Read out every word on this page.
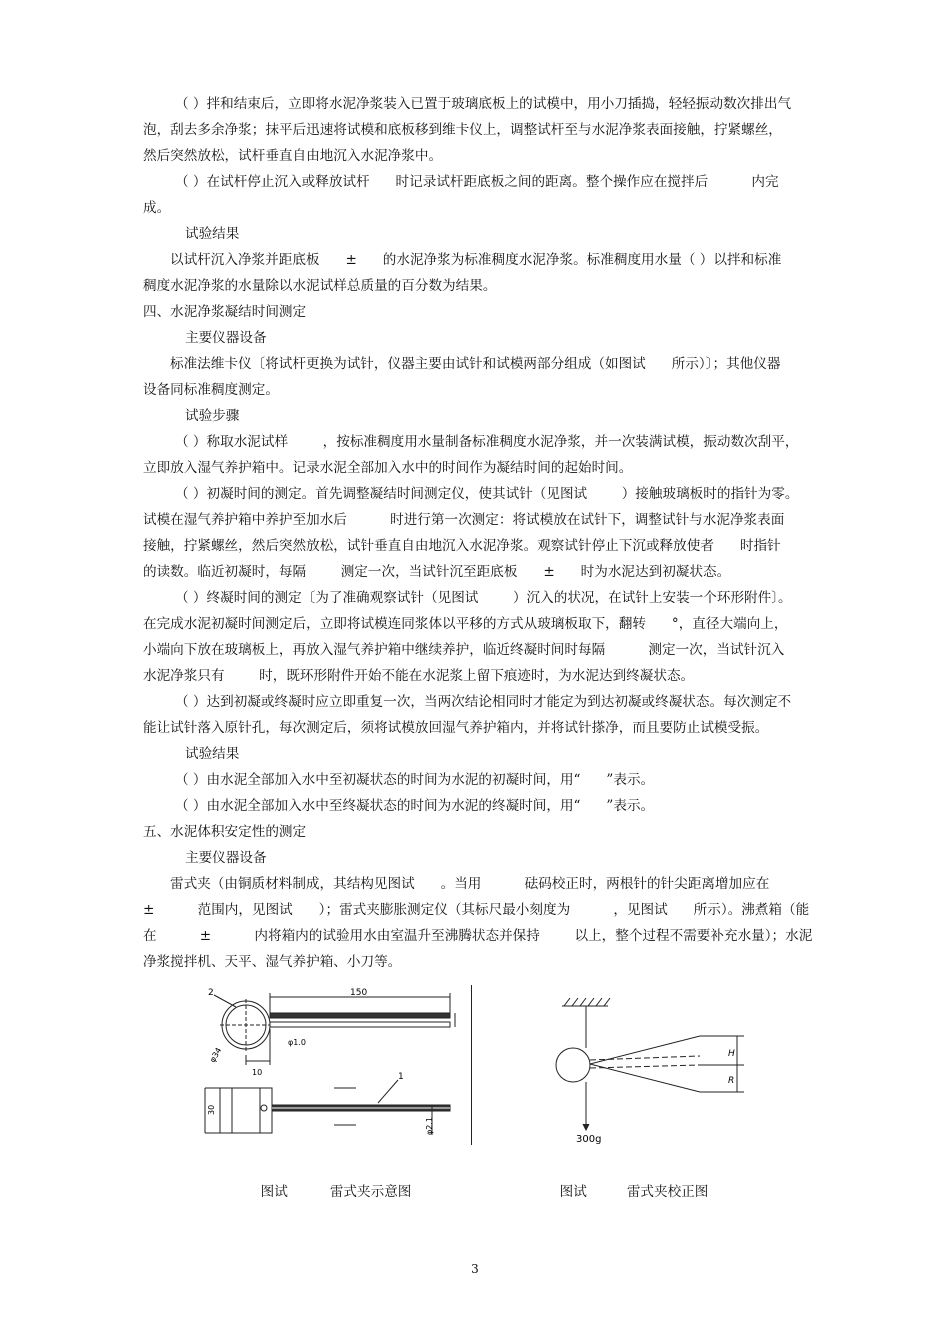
（ ）拌和结束后，立即将水泥净浆装入已置于玻璃底板上的试模中，用小刀插捣，轻轻振动数次排出气
泡，刮去多余净浆；抹平后迅速将试模和底板移到维卡仪上，调整试杆至与水泥净浆表面接触，拧紧螺丝，
然后突然放松，试杆垂直自由地沉入水泥净浆中。
（ ）在试杆停止沉入或释放试杆      时记录试杆距底板之间的距离。整个操作应在搅拌后          内完
成。
试验结果
以试杆沉入净浆并距底板      ±      的水泥净浆为标准稠度水泥净浆。标准稠度用水量（ ）以拌和标准
稠度水泥净浆的水量除以水泥试样总质量的百分数为结果。
四、水泥净浆凝结时间测定
主要仪器设备
标准法维卡仪〔将试杆更换为试针，仪器主要由试针和试模两部分组成（如图试      所示）〕；其他仪器
设备同标准稠度测定。
试验步骤
（ ）称取水泥试样        ，按标准稠度用水量制备标准稠度水泥净浆，并一次装满试模，振动数次刮平，
立即放入湿气养护箱中。记录水泥全部加入水中的时间作为凝结时间的起始时间。
（ ）初凝时间的测定。首先调整凝结时间测定仪，使其试针（见图试        ）接触玻璃板时的指针为零。
试模在湿气养护箱中养护至加水后          时进行第一次测定：将试模放在试针下，调整试针与水泥净浆表面
接触，拧紧螺丝，然后突然放松，试针垂直自由地沉入水泥净浆。观察试针停止下沉或释放使者      时指针
的读数。临近初凝时，每隔        测定一次，当试针沉至距底板      ±      时为水泥达到初凝状态。
（ ）终凝时间的测定〔为了准确观察试针（见图试        ）沉入的状况，在试针上安装一个环形附件〕。
在完成水泥初凝时间测定后，立即将试模连同浆体以平移的方式从玻璃板取下，翻转      °，直径大端向上，
小端向下放在玻璃板上，再放入湿气养护箱中继续养护，临近终凝时间时每隔          测定一次，当试针沉入
水泥净浆只有        时，既环形附件开始不能在水泥浆上留下痕迹时，为水泥达到终凝状态。
（ ）达到初凝或终凝时应立即重复一次，当两次结论相同时才能定为到达初凝或终凝状态。每次测定不
能让试针落入原针孔，每次测定后，须将试模放回湿气养护箱内，并将试针搽净，而且要防止试模受振。
试验结果
（ ）由水泥全部加入水中至初凝状态的时间为水泥的初凝时间，用“      ”表示。
（ ）由水泥全部加入水中至终凝状态的时间为水泥的终凝时间，用“      ”表示。
五、水泥体积安定性的测定
主要仪器设备
雷式夹（由铜质材料制成，其结构见图试      。当用          砝码校正时，两根针的针尖距离增加应在
±          范围内，见图试      ）；雷式夹膨胀测定仪（其标尺最小刻度为          ，见图试      所示）。沸煮箱（能
在          ±          内将箱内的试验用水由室温升至沸腾状态并保持        以上，整个过程不需要补充水量）；水泥
净浆搅拌机、天平、湿气养护箱、小刀等。
2	150
φ1.0
φ34
10	1
30
φ2.1
H
R
300g

图试	雷式夹示意图	图试	雷式夹校正图

3
